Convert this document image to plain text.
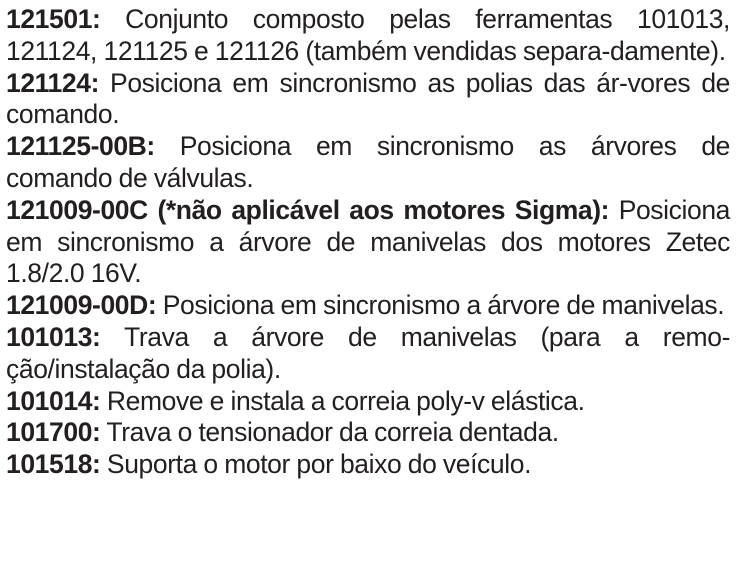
121501: Conjunto composto pelas ferramentas 101013, 121124, 121125 e 121126 (também vendidas separa-damente).

121124: Posiciona em sincronismo as polias das ár-vores de comando.

121125-00B: Posiciona em sincronismo as árvores de comando de válvulas.

121009-00C (*não aplicável aos motores Sigma): Posiciona em sincronismo a árvore de manivelas dos motores Zetec 1.8/2.0 16V.

121009-00D: Posiciona em sincronismo a árvore de manivelas.

101013: Trava a árvore de manivelas (para a remo-ção/instalação da polia).

101014: Remove e instala a correia poly-v elástica.

101700: Trava o tensionador da correia dentada.

101518: Suporta o motor por baixo do veículo.
